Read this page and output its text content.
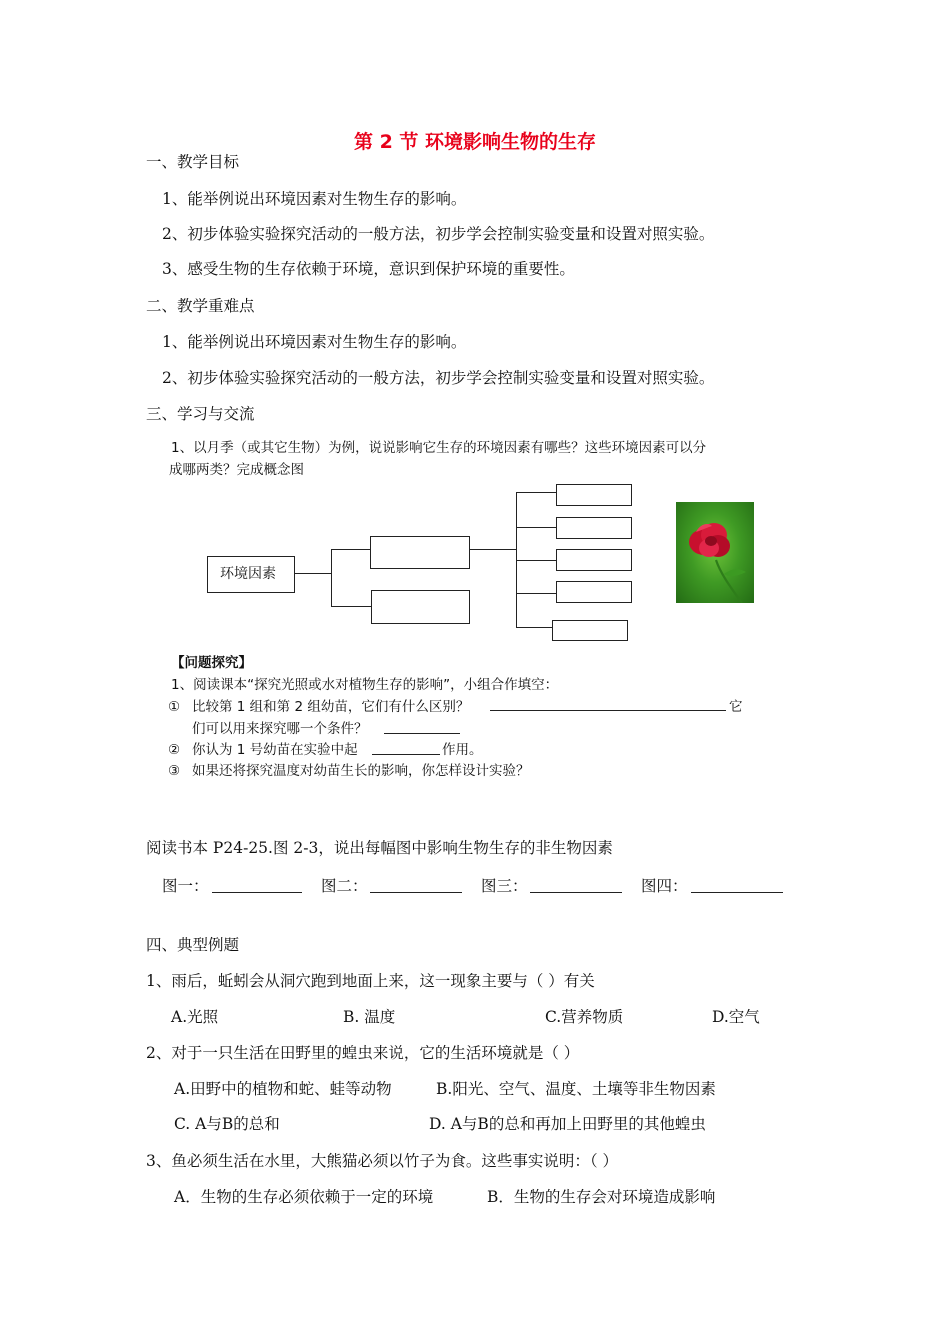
第 2 节 环境影响生物的生存
一、教学目标
1、能举例说出环境因素对生物生存的影响。
2、初步体验实验探究活动的一般方法，初步学会控制实验变量和设置对照实验。
3、感受生物的生存依赖于环境，意识到保护环境的重要性。
二、教学重难点
1、能举例说出环境因素对生物生存的影响。
2、初步体验实验探究活动的一般方法，初步学会控制实验变量和设置对照实验。
三、学习与交流
1、以月季（或其它生物）为例，说说影响它生存的环境因素有哪些？这些环境因素可以分
成哪两类？完成概念图
环境因素
【问题探究】
1、阅读课本“探究光照或水对植物生存的影响”，小组合作填空：
① 比较第 1 组和第 2 组幼苗，它们有什么区别？	它
们可以用来探究哪一个条件？
② 你认为 1 号幼苗在实验中起	作用。
③ 如果还将探究温度对幼苗生长的影响，你怎样设计实验？
阅读书本 P24-25.图 2-3，说出每幅图中影响生物生存的非生物因素
图一：	图二：	图三：	图四：
四、典型例题
1、雨后，蚯蚓会从洞穴跑到地面上来，这一现象主要与（ ）有关
A.光照	B. 温度	C.营养物质	D.空气
2、对于一只生活在田野里的蝗虫来说，它的生活环境就是（ ）
A.田野中的植物和蛇、蛙等动物	B.阳光、空气、温度、土壤等非生物因素
C. A与B的总和	D. A与B的总和再加上田野里的其他蝗虫
3、鱼必须生活在水里，大熊猫必须以竹子为食。这些事实说明：（ ）
A．生物的生存必须依赖于一定的环境	B．生物的生存会对环境造成影响
